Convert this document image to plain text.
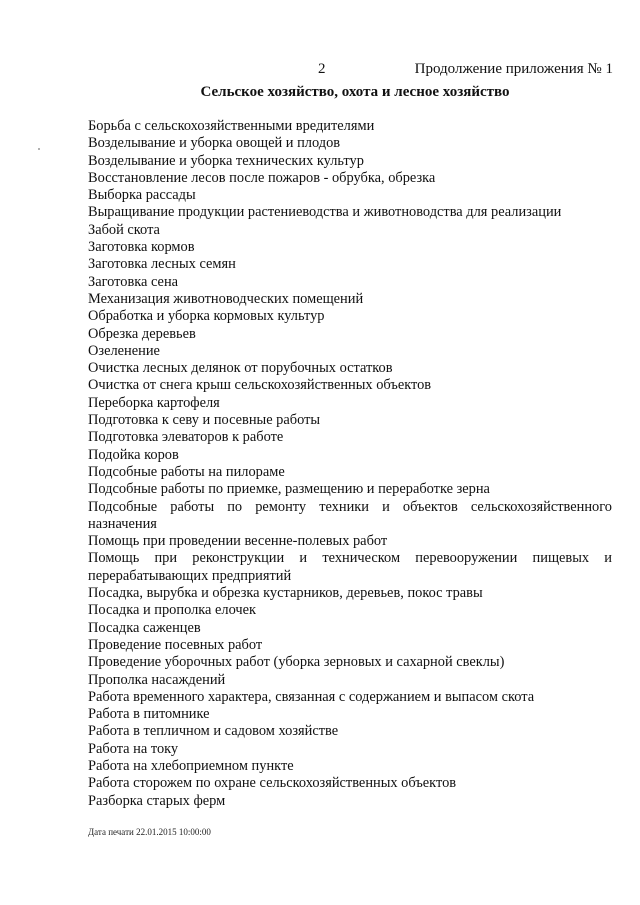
2	Продолжение приложения № 1
Сельское хозяйство, охота и лесное хозяйство
Борьба с сельскохозяйственными вредителями
Возделывание и уборка овощей и плодов
Возделывание и уборка технических культур
Восстановление лесов после пожаров - обрубка, обрезка
Выборка рассады
Выращивание продукции растениеводства и животноводства для реализации
Забой скота
Заготовка кормов
Заготовка лесных семян
Заготовка сена
Механизация животноводческих помещений
Обработка и уборка кормовых культур
Обрезка деревьев
Озеленение
Очистка лесных делянок от порубочных остатков
Очистка от снега крыш сельскохозяйственных объектов
Переборка картофеля
Подготовка к севу и посевные работы
Подготовка элеваторов к работе
Подойка коров
Подсобные работы на пилораме
Подсобные работы по приемке, размещению и переработке зерна
Подсобные работы по ремонту техники и объектов сельскохозяйственного назначения
Помощь при проведении весенне-полевых работ
Помощь при реконструкции и техническом перевооружении пищевых и перерабатывающих предприятий
Посадка, вырубка и обрезка кустарников, деревьев, покос травы
Посадка и прополка елочек
Посадка саженцев
Проведение посевных работ
Проведение уборочных работ (уборка зерновых и сахарной свеклы)
Прополка насаждений
Работа временного характера, связанная с содержанием и выпасом скота
Работа в питомнике
Работа в тепличном и садовом хозяйстве
Работа на току
Работа на хлебоприемном пункте
Работа сторожем по охране сельскохозяйственных объектов
Разборка старых ферм
Дата печати 22.01.2015 10:00:00
